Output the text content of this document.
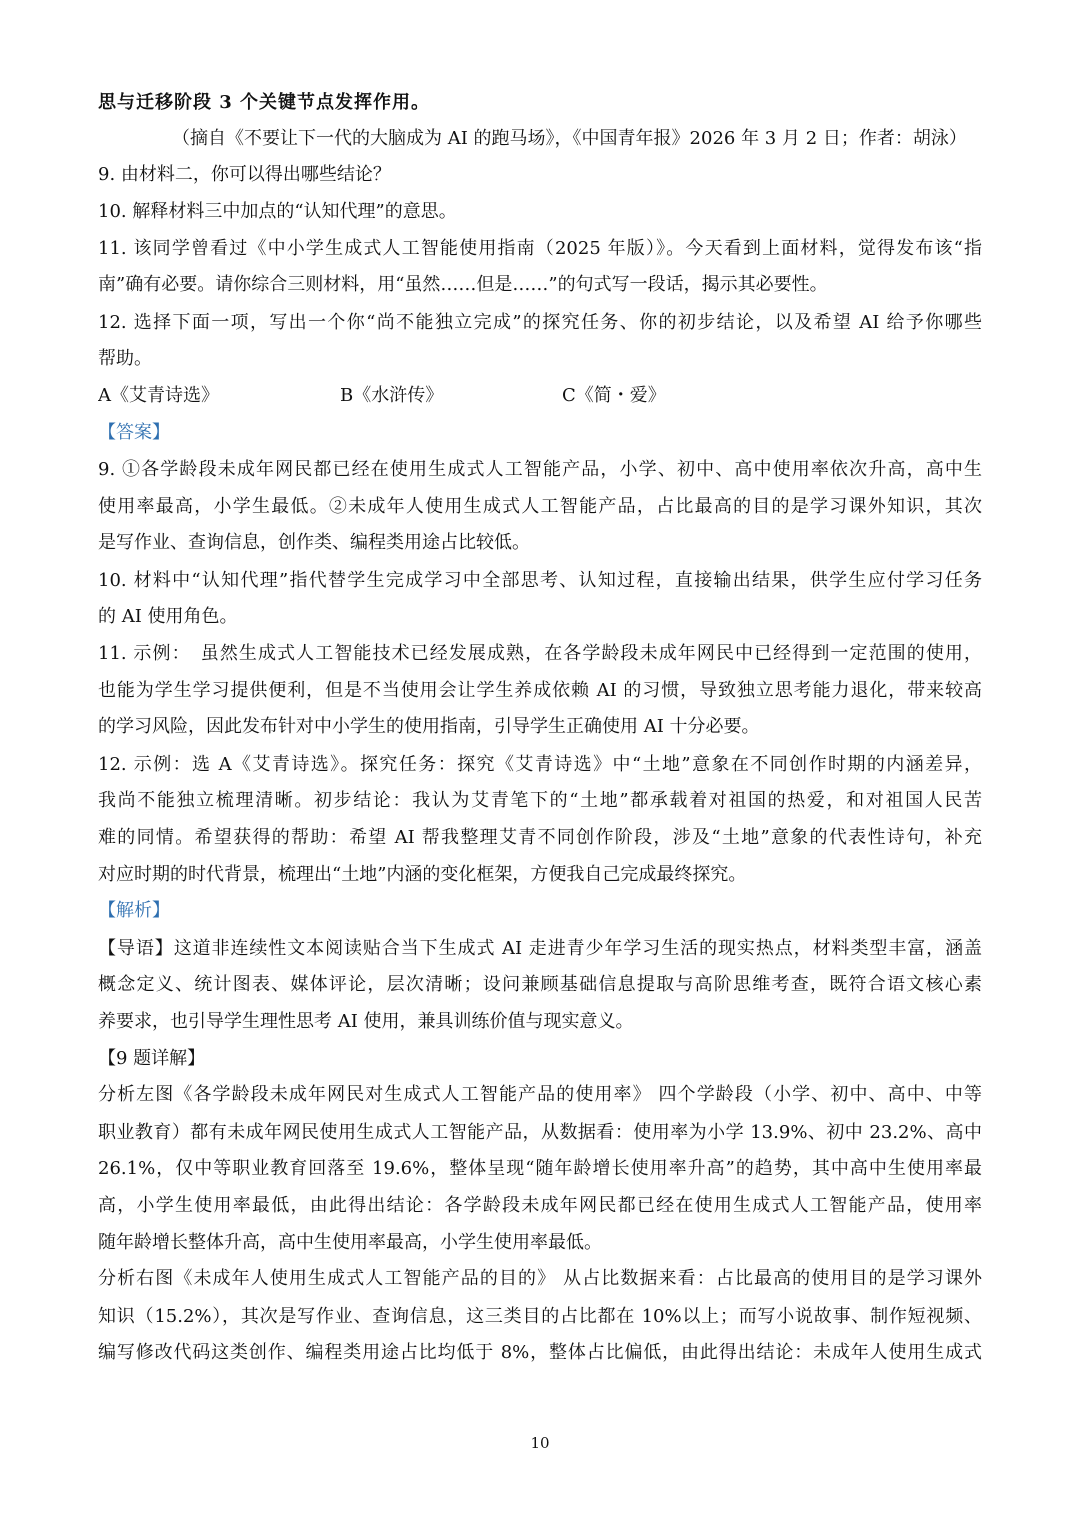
思与迁移阶段 3 个关键节点发挥作用。
（摘自《不要让下一代的大脑成为 AI 的跑马场》，《中国青年报》2026 年 3 月 2 日；作者：胡泳）
9. 由材料二，你可以得出哪些结论？
10. 解释材料三中加点的“认知代理”的意思。
11. 该同学曾看过《中小学生成式人工智能使用指南（2025 年版）》。今天看到上面材料，觉得发布该“指
南”确有必要。请你综合三则材料，用“虽然……但是……”的句式写一段话，揭示其必要性。
12. 选择下面一项，写出一个你“尚不能独立完成”的探究任务、你的初步结论，以及希望 AI 给予你哪些
帮助。
A《艾青诗选》	B《水浒传》	C《简・爱》
【答案】
9. ①各学龄段未成年网民都已经在使用生成式人工智能产品，小学、初中、高中使用率依次升高，高中生
使用率最高，小学生最低。②未成年人使用生成式人工智能产品，占比最高的目的是学习课外知识，其次
是写作业、查询信息，创作类、编程类用途占比较低。
10. 材料中“认知代理”指代替学生完成学习中全部思考、认知过程，直接输出结果，供学生应付学习任务
的 AI 使用角色。
11. 示例：　虽然生成式人工智能技术已经发展成熟，在各学龄段未成年网民中已经得到一定范围的使用，
也能为学生学习提供便利，但是不当使用会让学生养成依赖 AI 的习惯，导致独立思考能力退化，带来较高
的学习风险，因此发布针对中小学生的使用指南，引导学生正确使用 AI 十分必要。
12. 示例：选 A《艾青诗选》。探究任务：探究《艾青诗选》中“土地”意象在不同创作时期的内涵差异，
我尚不能独立梳理清晰。初步结论：我认为艾青笔下的“土地”都承载着对祖国的热爱，和对祖国人民苦
难的同情。希望获得的帮助：希望 AI 帮我整理艾青不同创作阶段，涉及“土地”意象的代表性诗句，补充
对应时期的时代背景，梳理出“土地”内涵的变化框架，方便我自己完成最终探究。
【解析】
【导语】这道非连续性文本阅读贴合当下生成式 AI 走进青少年学习生活的现实热点，材料类型丰富，涵盖
概念定义、统计图表、媒体评论，层次清晰；设问兼顾基础信息提取与高阶思维考查，既符合语文核心素
养要求，也引导学生理性思考 AI 使用，兼具训练价值与现实意义。
【9 题详解】
分析左图《各学龄段未成年网民对生成式人工智能产品的使用率》 四个学龄段（小学、初中、高中、中等
职业教育）都有未成年网民使用生成式人工智能产品，从数据看：使用率为小学 13.9%、初中 23.2%、高中
26.1%，仅中等职业教育回落至 19.6%，整体呈现“随年龄增长使用率升高”的趋势，其中高中生使用率最
高，小学生使用率最低，由此得出结论：各学龄段未成年网民都已经在使用生成式人工智能产品，使用率
随年龄增长整体升高，高中生使用率最高，小学生使用率最低。
分析右图《未成年人使用生成式人工智能产品的目的》 从占比数据来看：占比最高的使用目的是学习课外
知识（15.2%），其次是写作业、查询信息，这三类目的占比都在 10%以上；而写小说故事、制作短视频、
编写修改代码这类创作、编程类用途占比均低于 8%，整体占比偏低，由此得出结论：未成年人使用生成式
10
